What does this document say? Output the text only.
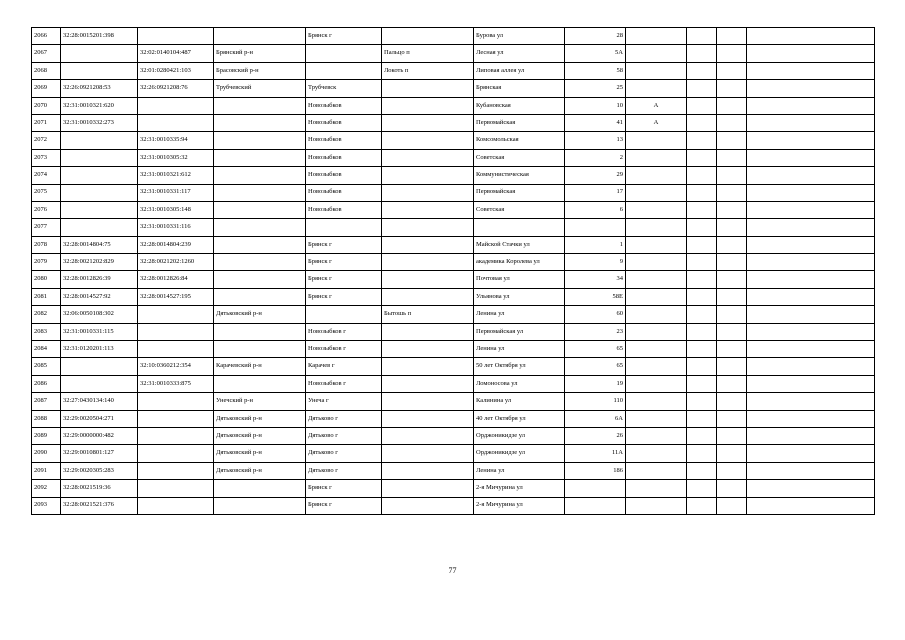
2066	32:28:0015201:398			Брянск г		Бурова ул	28				
2067		32:02:0140104:487	Брянский р-н		Пальцо п	Лесная ул	5А				
2068		32:01:0280421:103	Брасовский р-н		Локоть п	Липовая аллея ул	58				
2069	32:26:0921208:53	32:26:0921208:76	Трубчевский	Трубчевск		Брянская	25				
2070	32:31:0010321:620			Новозыбков		Кубановская	10	А			
2071	32:31:0010332:273			Новозыбков		Первомайская	41	А			
2072		32:31:0010335:94		Новозыбков		Комсомольская	13				
2073		32:31:0010305:32		Новозыбков		Советская	2				
2074		32:31:0010321:612		Новозыбков		Коммунистическая	29				
2075		32:31:0010331:117		Новозыбков		Первомайская	17				
2076		32:31:0010305:148		Новозыбков		Советская	6				
2077		32:31:0010331:116									
2078	32:28:0014804:75	32:28:0014804:239		Брянск г		Майской Стачки ул	1				
2079	32:28:0021202:829	32:28:0021202:1260		Брянск г		академика Королева ул	9				
2080	32:28:0012826:39	32:28:0012826:84		Брянск г		Почтовая ул	34				
2081	32:28:0014527:92	32:28:0014527:195		Брянск г		Ульянова ул	58Е				
2082	32:06:0050108:302		Дятьковский р-н		Бытошь п	Ленина ул	60				
2083	32:31:0010331:115			Новозыбков г		Первомайская ул	23				
2084	32:31:0120201:113			Новозыбков г		Ленина ул	65				
2085		32:10:0360212:354	Карачевский р-н	Карачев г		50 лет Октября ул	65				
2086		32:31:0010333:875		Новозыбков г		Ломоносова ул	19				
2087	32:27:0430134:140		Унечский р-н	Унеча г		Калинина ул	110				
2088	32:29:0020504:271		Дятьковский р-н	Дятьково г		40 лет Октября ул	6А				
2089	32:29:0000000:482		Дятьковский р-н	Дятьково г		Орджоникидзе ул	26				
2090	32:29:0010801:127		Дятьковский р-н	Дятьково г		Орджоникидзе ул	11А				
2091	32:29:0020305:283		Дятьковский р-н	Дятьково г		Ленина ул	186				
2092	32:28:0021519:36			Брянск г		2-я Мичурина ул					
2093	32:28:0021521:376			Брянск г		2-я Мичурина ул					
77
